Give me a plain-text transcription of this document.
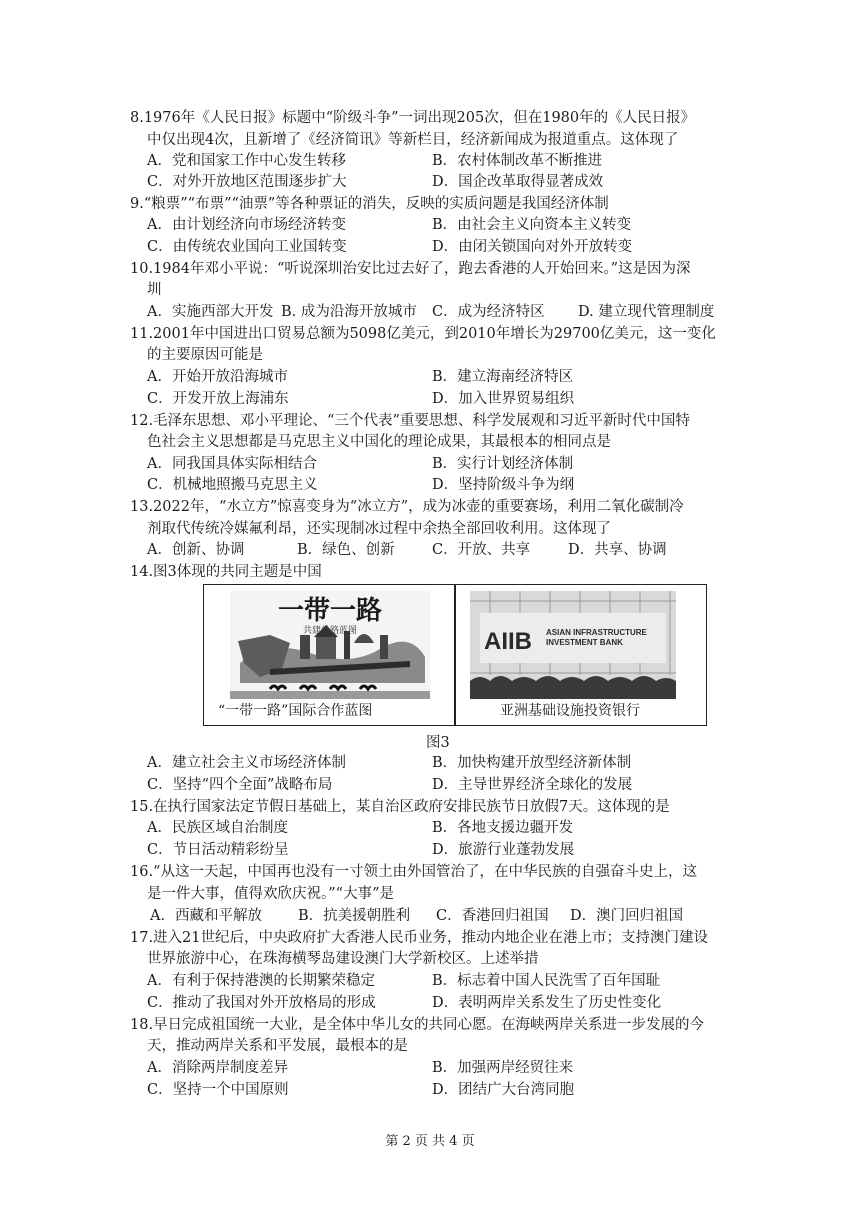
8.1976年《人民日报》标题中“阶级斗争”一词出现205次，但在1980年的《人民日报》
中仅出现4次，且新增了《经济简讯》等新栏目，经济新闻成为报道重点。这体现了
A．党和国家工作中心发生转移	B．农村体制改革不断推进
C．对外开放地区范围逐步扩大	D．国企改革取得显著成效
9.“粮票”“布票”“油票”等各种票证的消失，反映的实质问题是我国经济体制
A．由计划经济向市场经济转变	B．由社会主义向资本主义转变
C．由传统农业国向工业国转变	D．由闭关锁国向对外开放转变
10.1984年邓小平说：“听说深圳治安比过去好了，跑去香港的人开始回来。”这是因为深
圳
A．实施西部大开发 B. 成为沿海开放城市 C．成为经济特区 D. 建立现代管理制度
11.2001年中国进出口贸易总额为5098亿美元，到2010年增长为29700亿美元，这一变化
的主要原因可能是
A．开始开放沿海城市	B．建立海南经济特区
C．开发开放上海浦东	D．加入世界贸易组织
12.毛泽东思想、邓小平理论、“三个代表”重要思想、科学发展观和习近平新时代中国特
色社会主义思想都是马克思主义中国化的理论成果，其最根本的相同点是
A．同我国具体实际相结合	B．实行计划经济体制
C．机械地照搬马克思主义	D．坚持阶级斗争为纲
13.2022年，“水立方”惊喜变身为“冰立方”，成为冰壶的重要赛场，利用二氧化碳制冷
剂取代传统冷媒氟利昂，还实现制冰过程中余热全部回收利用。这体现了
A．创新、协调	B．绿色、创新	C．开放、共享	D．共享、协调
14.图3体现的共同主题是中国
一带一路
共建丝路蓝图
“一带一路”国际合作蓝图
AIIB ASIAN INFRASTRUCTURE
INVESTMENT BANK
亚洲基础设施投资银行
图3
A．建立社会主义市场经济体制	B．加快构建开放型经济新体制
C．坚持“四个全面”战略布局	D．主导世界经济全球化的发展
15.在执行国家法定节假日基础上，某自治区政府安排民族节日放假7天。这体现的是
A．民族区域自治制度	B．各地支援边疆开发
C．节日活动精彩纷呈	D．旅游行业蓬勃发展
16.“从这一天起，中国再也没有一寸领土由外国管治了，在中华民族的自强奋斗史上，这
是一件大事，值得欢欣庆祝。”“大事”是
A．西藏和平解放 B．抗美援朝胜利 C．香港回归祖国 D．澳门回归祖国
17.进入21世纪后，中央政府扩大香港人民币业务，推动内地企业在港上市；支持澳门建设
世界旅游中心，在珠海横琴岛建设澳门大学新校区。上述举措
A．有利于保持港澳的长期繁荣稳定	B．标志着中国人民洗雪了百年国耻
C．推动了我国对外开放格局的形成	D．表明两岸关系发生了历史性变化
18.早日完成祖国统一大业，是全体中华儿女的共同心愿。在海峡两岸关系进一步发展的今
天，推动两岸关系和平发展，最根本的是
A．消除两岸制度差异	B．加强两岸经贸往来
C．坚持一个中国原则	D．团结广大台湾同胞
第 2 页 共 4 页
